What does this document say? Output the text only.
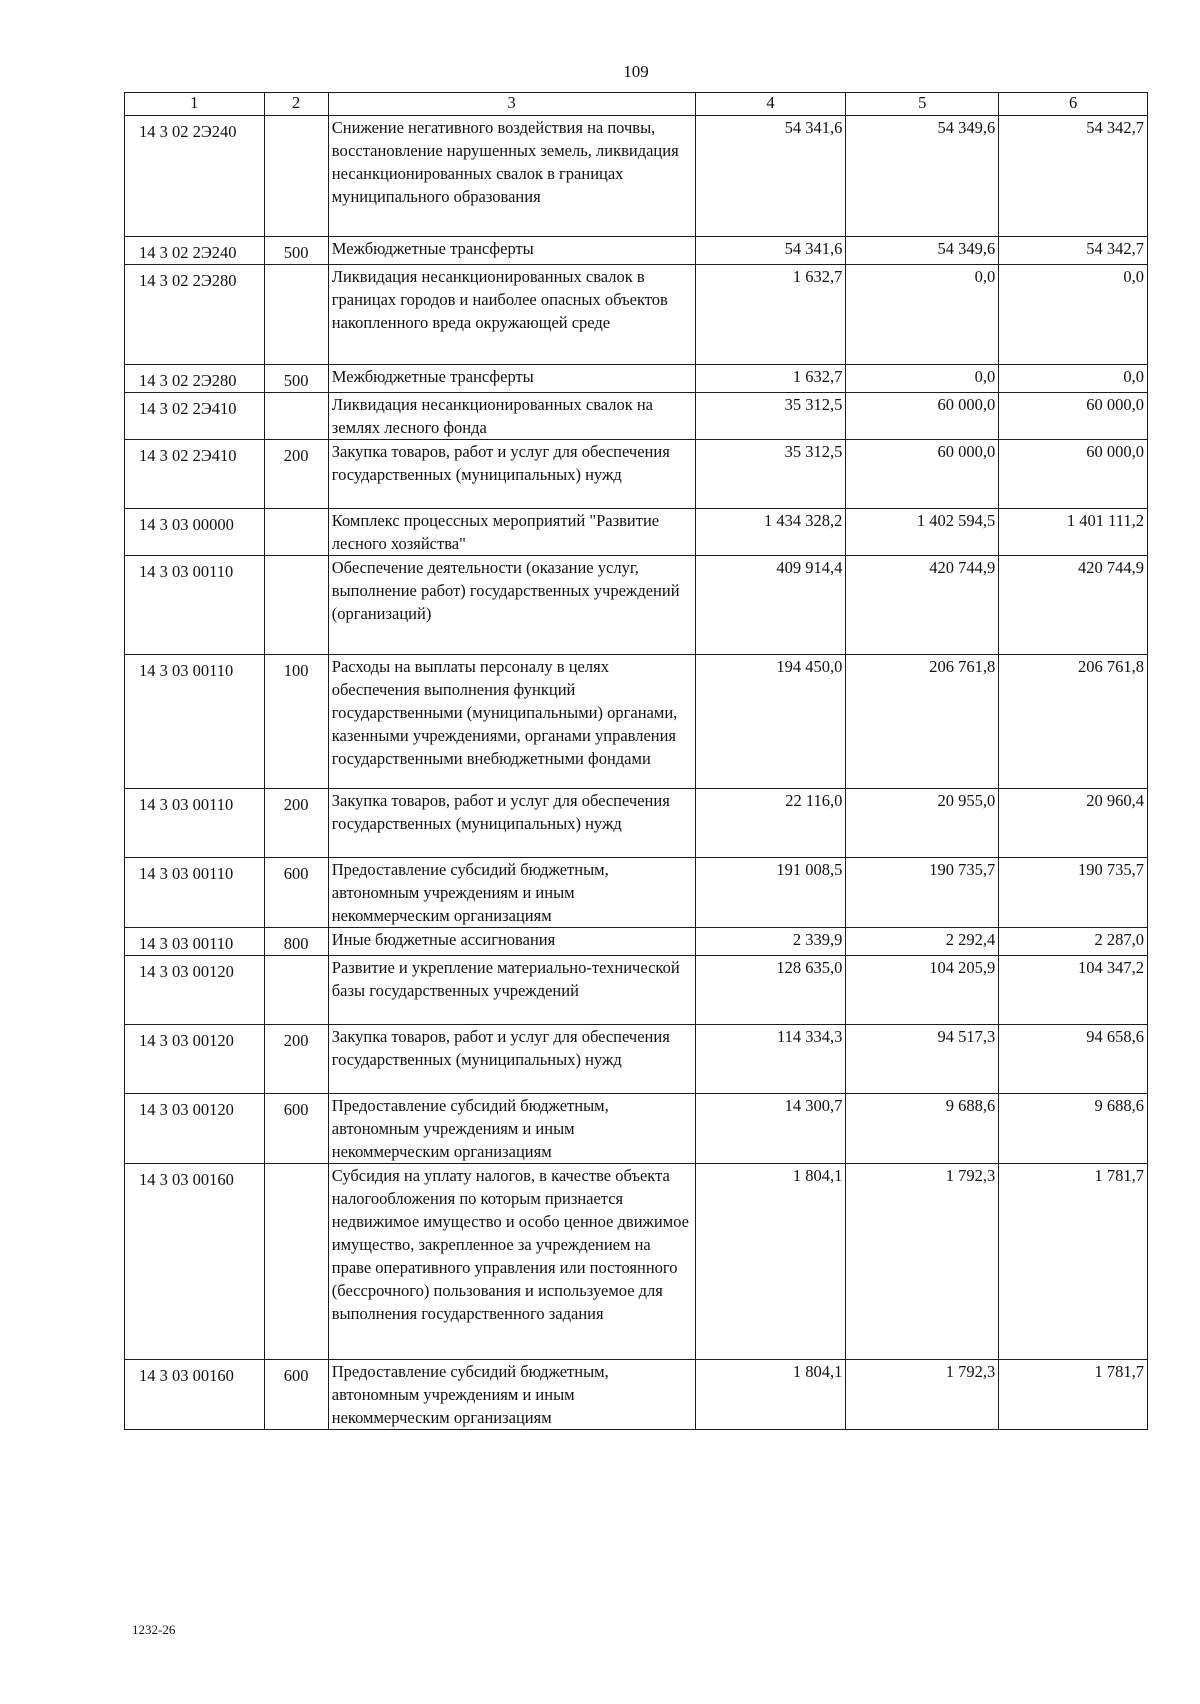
109
1	2	3	4	5	6
14 3 02 2Э240		Снижение негативного воздействия на почвы, восстановление нарушенных земель, ликвидация несанкционированных свалок в границах муниципального образования	54 341,6	54 349,6	54 342,7
14 3 02 2Э240	500	Межбюджетные трансферты	54 341,6	54 349,6	54 342,7
14 3 02 2Э280		Ликвидация несанкционированных свалок в границах городов и наиболее опасных объектов накопленного вреда окружающей среде	1 632,7	0,0	0,0
14 3 02 2Э280	500	Межбюджетные трансферты	1 632,7	0,0	0,0
14 3 02 2Э410		Ликвидация несанкционированных свалок на землях лесного фонда	35 312,5	60 000,0	60 000,0
14 3 02 2Э410	200	Закупка товаров, работ и услуг для обеспечения государственных (муниципальных) нужд	35 312,5	60 000,0	60 000,0
14 3 03 00000		Комплекс процессных мероприятий "Развитие лесного хозяйства"	1 434 328,2	1 402 594,5	1 401 111,2
14 3 03 00110		Обеспечение деятельности (оказание услуг, выполнение работ) государственных учреждений (организаций)	409 914,4	420 744,9	420 744,9
14 3 03 00110	100	Расходы на выплаты персоналу в целях обеспечения выполнения функций государственными (муниципальными) органами, казенными учреждениями, органами управления государственными внебюджетными фондами	194 450,0	206 761,8	206 761,8
14 3 03 00110	200	Закупка товаров, работ и услуг для обеспечения государственных (муниципальных) нужд	22 116,0	20 955,0	20 960,4
14 3 03 00110	600	Предоставление субсидий бюджетным, автономным учреждениям и иным некоммерческим организациям	191 008,5	190 735,7	190 735,7
14 3 03 00110	800	Иные бюджетные ассигнования	2 339,9	2 292,4	2 287,0
14 3 03 00120		Развитие и укрепление материально-технической базы государственных учреждений	128 635,0	104 205,9	104 347,2
14 3 03 00120	200	Закупка товаров, работ и услуг для обеспечения государственных (муниципальных) нужд	114 334,3	94 517,3	94 658,6
14 3 03 00120	600	Предоставление субсидий бюджетным, автономным учреждениям и иным некоммерческим организациям	14 300,7	9 688,6	9 688,6
14 3 03 00160		Субсидия на уплату налогов, в качестве объекта налогообложения по которым признается недвижимое имущество и особо ценное движимое имущество, закрепленное за учреждением на праве оперативного управления или постоянного (бессрочного) пользования и используемое для выполнения государственного задания	1 804,1	1 792,3	1 781,7
14 3 03 00160	600	Предоставление субсидий бюджетным, автономным учреждениям и иным некоммерческим организациям	1 804,1	1 792,3	1 781,7
1232-26
